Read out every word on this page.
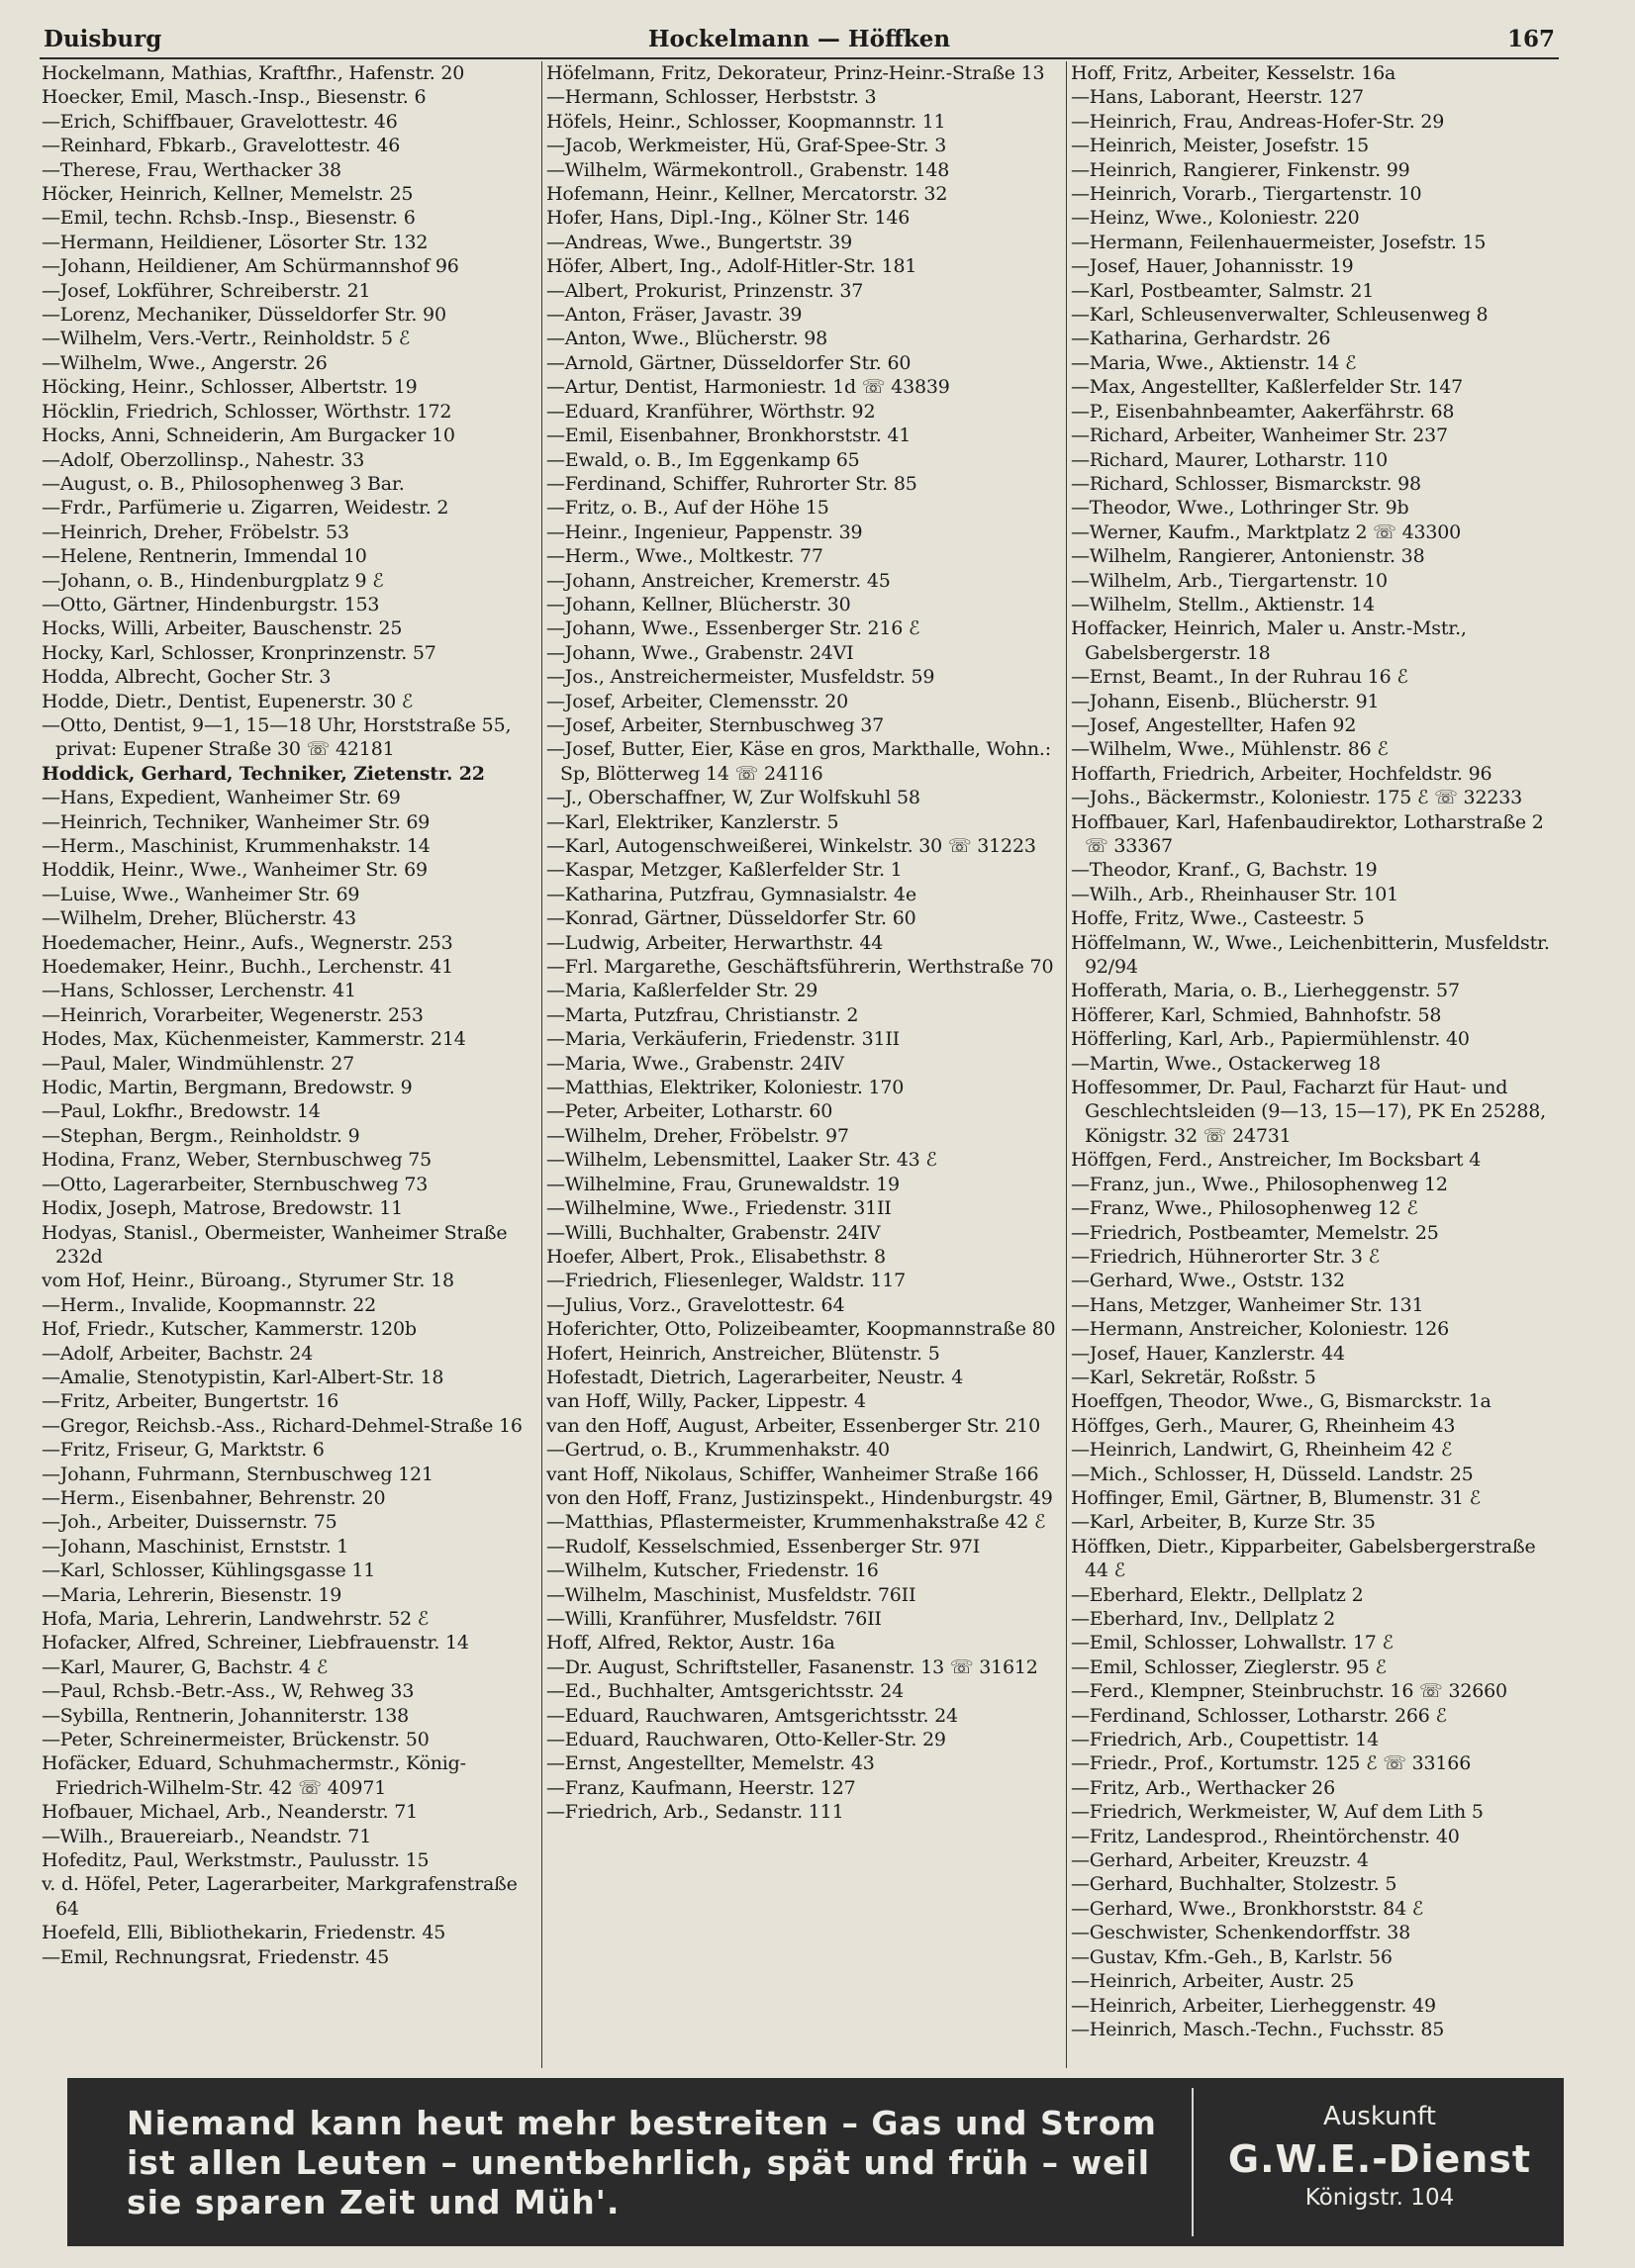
Duisburg	Hockelmann — Höffken	167
Hockelmann, Mathias, Kraftfhr., Hafenstr. 20
Hoecker, Emil, Masch.-Insp., Biesenstr. 6
—Erich, Schiffbauer, Gravelottestr. 46
—Reinhard, Fbkarb., Gravelottestr. 46
—Therese, Frau, Werthacker 38
Höcker, Heinrich, Kellner, Memelstr. 25
—Emil, techn. Rchsb.-Insp., Biesenstr. 6
—Hermann, Heildiener, Lösorter Str. 132
—Johann, Heildiener, Am Schürmannshof 96
—Josef, Lokführer, Schreiberstr. 21
—Lorenz, Mechaniker, Düsseldorfer Str. 90
—Wilhelm, Vers.-Vertr., Reinholdstr. 5 ℰ
—Wilhelm, Wwe., Angerstr. 26
Höcking, Heinr., Schlosser, Albertstr. 19
Höcklin, Friedrich, Schlosser, Wörthstr. 172
Hocks, Anni, Schneiderin, Am Burgacker 10
—Adolf, Oberzollinsp., Nahestr. 33
—August, o. B., Philosophenweg 3 Bar.
—Frdr., Parfümerie u. Zigarren, Weidestr. 2
—Heinrich, Dreher, Fröbelstr. 53
—Helene, Rentnerin, Immendal 10
—Johann, o. B., Hindenburgplatz 9 ℰ
—Otto, Gärtner, Hindenburgstr. 153
Hocks, Willi, Arbeiter, Bauschenstr. 25
Hocky, Karl, Schlosser, Kronprinzenstr. 57
Hodda, Albrecht, Gocher Str. 3
Hodde, Dietr., Dentist, Eupenerstr. 30 ℰ
—Otto, Dentist, 9—1, 15—18 Uhr, Horststraße 55, privat: Eupener Straße 30 ☏ 42181
Hoddick, Gerhard, Techniker, Zietenstr. 22
—Hans, Expedient, Wanheimer Str. 69
—Heinrich, Techniker, Wanheimer Str. 69
—Herm., Maschinist, Krummenhakstr. 14
Hoddik, Heinr., Wwe., Wanheimer Str. 69
—Luise, Wwe., Wanheimer Str. 69
—Wilhelm, Dreher, Blücherstr. 43
Hoedemacher, Heinr., Aufs., Wegnerstr. 253
Hoedemaker, Heinr., Buchh., Lerchenstr. 41
—Hans, Schlosser, Lerchenstr. 41
—Heinrich, Vorarbeiter, Wegenerstr. 253
Hodes, Max, Küchenmeister, Kammerstr. 214
—Paul, Maler, Windmühlenstr. 27
Hodic, Martin, Bergmann, Bredowstr. 9
—Paul, Lokfhr., Bredowstr. 14
—Stephan, Bergm., Reinholdstr. 9
Hodina, Franz, Weber, Sternbuschweg 75
—Otto, Lagerarbeiter, Sternbuschweg 73
Hodix, Joseph, Matrose, Bredowstr. 11
Hodyas, Stanisl., Obermeister, Wanheimer Straße 232d
vom Hof, Heinr., Büroang., Styrumer Str. 18
—Herm., Invalide, Koopmannstr. 22
Hof, Friedr., Kutscher, Kammerstr. 120b
—Adolf, Arbeiter, Bachstr. 24
—Amalie, Stenotypistin, Karl-Albert-Str. 18
—Fritz, Arbeiter, Bungertstr. 16
—Gregor, Reichsb.-Ass., Richard-Dehmel-Straße 16
—Fritz, Friseur, G, Marktstr. 6
—Johann, Fuhrmann, Sternbuschweg 121
—Herm., Eisenbahner, Behrenstr. 20
—Joh., Arbeiter, Duissernstr. 75
—Johann, Maschinist, Ernststr. 1
—Karl, Schlosser, Kühlingsgasse 11
—Maria, Lehrerin, Biesenstr. 19
Hofa, Maria, Lehrerin, Landwehrstr. 52 ℰ
Hofacker, Alfred, Schreiner, Liebfrauenstr. 14
—Karl, Maurer, G, Bachstr. 4 ℰ
—Paul, Rchsb.-Betr.-Ass., W, Rehweg 33
—Sybilla, Rentnerin, Johanniterstr. 138
—Peter, Schreinermeister, Brückenstr. 50
Hofäcker, Eduard, Schuhmachermstr., König-Friedrich-Wilhelm-Str. 42 ☏ 40971
Hofbauer, Michael, Arb., Neanderstr. 71
—Wilh., Brauereiarb., Neandstr. 71
Hofeditz, Paul, Werkstmstr., Paulusstr. 15
v. d. Höfel, Peter, Lagerarbeiter, Markgrafenstraße 64
Hoefeld, Elli, Bibliothekarin, Friedenstr. 45
—Emil, Rechnungsrat, Friedenstr. 45
Höfelmann, Fritz, Dekorateur, Prinz-Heinr.-Straße 13
—Hermann, Schlosser, Herbststr. 3
Höfels, Heinr., Schlosser, Koopmannstr. 11
—Jacob, Werkmeister, Hü, Graf-Spee-Str. 3
—Wilhelm, Wärmekontroll., Grabenstr. 148
Hofemann, Heinr., Kellner, Mercatorstr. 32
Hofer, Hans, Dipl.-Ing., Kölner Str. 146
—Andreas, Wwe., Bungertstr. 39
Höfer, Albert, Ing., Adolf-Hitler-Str. 181
—Albert, Prokurist, Prinzenstr. 37
—Anton, Fräser, Javastr. 39
—Anton, Wwe., Blücherstr. 98
—Arnold, Gärtner, Düsseldorfer Str. 60
—Artur, Dentist, Harmoniestr. 1d ☏ 43839
—Eduard, Kranführer, Wörthstr. 92
—Emil, Eisenbahner, Bronkhorststr. 41
—Ewald, o. B., Im Eggenkamp 65
—Ferdinand, Schiffer, Ruhrorter Str. 85
—Fritz, o. B., Auf der Höhe 15
—Heinr., Ingenieur, Pappenstr. 39
—Herm., Wwe., Moltkestr. 77
—Johann, Anstreicher, Kremerstr. 45
—Johann, Kellner, Blücherstr. 30
—Johann, Wwe., Essenberger Str. 216 ℰ
—Johann, Wwe., Grabenstr. 24VI
—Jos., Anstreichermeister, Musfeldstr. 59
—Josef, Arbeiter, Clemensstr. 20
—Josef, Arbeiter, Sternbuschweg 37
—Josef, Butter, Eier, Käse en gros, Markthalle, Wohn.: Sp, Blötterweg 14 ☏ 24116
—J., Oberschaffner, W, Zur Wolfskuhl 58
—Karl, Elektriker, Kanzlerstr. 5
—Karl, Autogenschweißerei, Winkelstr. 30 ☏ 31223
—Kaspar, Metzger, Kaßlerfelder Str. 1
—Katharina, Putzfrau, Gymnasialstr. 4e
—Konrad, Gärtner, Düsseldorfer Str. 60
—Ludwig, Arbeiter, Herwarthstr. 44
—Frl. Margarethe, Geschäftsführerin, Werthstraße 70
—Maria, Kaßlerfelder Str. 29
—Marta, Putzfrau, Christianstr. 2
—Maria, Verkäuferin, Friedenstr. 31II
—Maria, Wwe., Grabenstr. 24IV
—Matthias, Elektriker, Koloniestr. 170
—Peter, Arbeiter, Lotharstr. 60
—Wilhelm, Dreher, Fröbelstr. 97
—Wilhelm, Lebensmittel, Laaker Str. 43 ℰ
—Wilhelmine, Frau, Grunewaldstr. 19
—Wilhelmine, Wwe., Friedenstr. 31II
—Willi, Buchhalter, Grabenstr. 24IV
Hoefer, Albert, Prok., Elisabethstr. 8
—Friedrich, Fliesenleger, Waldstr. 117
—Julius, Vorz., Gravelottestr. 64
Hoferichter, Otto, Polizeibeamter, Koopmannstraße 80
Hofert, Heinrich, Anstreicher, Blütenstr. 5
Hofestadt, Dietrich, Lagerarbeiter, Neustr. 4
van Hoff, Willy, Packer, Lippestr. 4
van den Hoff, August, Arbeiter, Essenberger Str. 210
—Gertrud, o. B., Krummenhakstr. 40
vant Hoff, Nikolaus, Schiffer, Wanheimer Straße 166
von den Hoff, Franz, Justizinspekt., Hindenburgstr. 49
—Matthias, Pflastermeister, Krummenhakstraße 42 ℰ
—Rudolf, Kesselschmied, Essenberger Str. 97I
—Wilhelm, Kutscher, Friedenstr. 16
—Wilhelm, Maschinist, Musfeldstr. 76II
—Willi, Kranführer, Musfeldstr. 76II
Hoff, Alfred, Rektor, Austr. 16a
—Dr. August, Schriftsteller, Fasanenstr. 13 ☏ 31612
—Ed., Buchhalter, Amtsgerichtsstr. 24
—Eduard, Rauchwaren, Amtsgerichtsstr. 24
—Eduard, Rauchwaren, Otto-Keller-Str. 29
—Ernst, Angestellter, Memelstr. 43
—Franz, Kaufmann, Heerstr. 127
—Friedrich, Arb., Sedanstr. 111
Hoff, Fritz, Arbeiter, Kesselstr. 16a
—Hans, Laborant, Heerstr. 127
—Heinrich, Frau, Andreas-Hofer-Str. 29
—Heinrich, Meister, Josefstr. 15
—Heinrich, Rangierer, Finkenstr. 99
—Heinrich, Vorarb., Tiergartenstr. 10
—Heinz, Wwe., Koloniestr. 220
—Hermann, Feilenhauermeister, Josefstr. 15
—Josef, Hauer, Johannisstr. 19
—Karl, Postbeamter, Salmstr. 21
—Karl, Schleusenverwalter, Schleusenweg 8
—Katharina, Gerhardstr. 26
—Maria, Wwe., Aktienstr. 14 ℰ
—Max, Angestellter, Kaßlerfelder Str. 147
—P., Eisenbahnbeamter, Aakerfährstr. 68
—Richard, Arbeiter, Wanheimer Str. 237
—Richard, Maurer, Lotharstr. 110
—Richard, Schlosser, Bismarckstr. 98
—Theodor, Wwe., Lothringer Str. 9b
—Werner, Kaufm., Marktplatz 2 ☏ 43300
—Wilhelm, Rangierer, Antonienstr. 38
—Wilhelm, Arb., Tiergartenstr. 10
—Wilhelm, Stellm., Aktienstr. 14
Hoffacker, Heinrich, Maler u. Anstr.-Mstr., Gabelsbergerstr. 18
—Ernst, Beamt., In der Ruhrau 16 ℰ
—Johann, Eisenb., Blücherstr. 91
—Josef, Angestellter, Hafen 92
—Wilhelm, Wwe., Mühlenstr. 86 ℰ
Hoffarth, Friedrich, Arbeiter, Hochfeldstr. 96
—Johs., Bäckermstr., Koloniestr. 175 ℰ ☏ 32233
Hoffbauer, Karl, Hafenbaudirektor, Lotharstraße 2 ☏ 33367
—Theodor, Kranf., G, Bachstr. 19
—Wilh., Arb., Rheinhauser Str. 101
Hoffe, Fritz, Wwe., Casteestr. 5
Höffelmann, W., Wwe., Leichenbitterin, Musfeldstr. 92/94
Hofferath, Maria, o. B., Lierheggenstr. 57
Höfferer, Karl, Schmied, Bahnhofstr. 58
Höfferling, Karl, Arb., Papiermühlenstr. 40
—Martin, Wwe., Ostackerweg 18
Hoffesommer, Dr. Paul, Facharzt für Haut- und Geschlechtsleiden (9—13, 15—17), PK En 25288, Königstr. 32 ☏ 24731
Höffgen, Ferd., Anstreicher, Im Bocksbart 4
—Franz, jun., Wwe., Philosophenweg 12
—Franz, Wwe., Philosophenweg 12 ℰ
—Friedrich, Postbeamter, Memelstr. 25
—Friedrich, Hühnerorter Str. 3 ℰ
—Gerhard, Wwe., Oststr. 132
—Hans, Metzger, Wanheimer Str. 131
—Hermann, Anstreicher, Koloniestr. 126
—Josef, Hauer, Kanzlerstr. 44
—Karl, Sekretär, Roßstr. 5
Hoeffgen, Theodor, Wwe., G, Bismarckstr. 1a
Höffges, Gerh., Maurer, G, Rheinheim 43
—Heinrich, Landwirt, G, Rheinheim 42 ℰ
—Mich., Schlosser, H, Düsseld. Landstr. 25
Hoffinger, Emil, Gärtner, B, Blumenstr. 31 ℰ
—Karl, Arbeiter, B, Kurze Str. 35
Höffken, Dietr., Kipparbeiter, Gabelsbergerstraße 44 ℰ
—Eberhard, Elektr., Dellplatz 2
—Eberhard, Inv., Dellplatz 2
—Emil, Schlosser, Lohwallstr. 17 ℰ
—Emil, Schlosser, Zieglerstr. 95 ℰ
—Ferd., Klempner, Steinbruchstr. 16 ☏ 32660
—Ferdinand, Schlosser, Lotharstr. 266 ℰ
—Friedrich, Arb., Coupettistr. 14
—Friedr., Prof., Kortumstr. 125 ℰ ☏ 33166
—Fritz, Arb., Werthacker 26
—Friedrich, Werkmeister, W, Auf dem Lith 5
—Fritz, Landesprod., Rheintörchenstr. 40
—Gerhard, Arbeiter, Kreuzstr. 4
—Gerhard, Buchhalter, Stolzestr. 5
—Gerhard, Wwe., Bronkhorststr. 84 ℰ
—Geschwister, Schenkendorffstr. 38
—Gustav, Kfm.-Geh., B, Karlstr. 56
—Heinrich, Arbeiter, Austr. 25
—Heinrich, Arbeiter, Lierheggenstr. 49
—Heinrich, Masch.-Techn., Fuchsstr. 85
Niemand kann heut mehr bestreiten – Gas und Strom ist allen Leuten – unentbehrlich, spät und früh – weil sie sparen Zeit und Müh'.
Auskunft
G.W.E.-Dienst
Königstr. 104
